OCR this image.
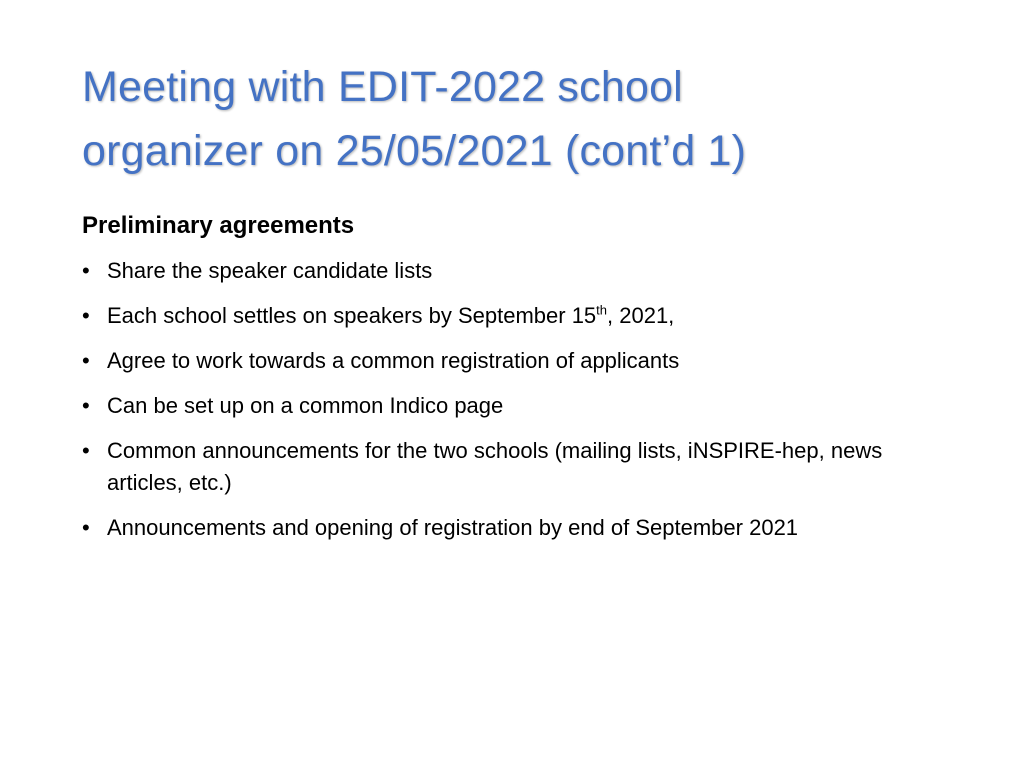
Meeting with EDIT-2022 school
organizer on 25/05/2021 (cont’d 1)
Preliminary agreements
• Share the speaker candidate lists
• Each school settles on speakers by September 15th, 2021,
• Agree to work towards a common registration of applicants
• Can be set up on a common Indico page
• Common announcements for the two schools (mailing lists, iNSPIRE-hep, news articles, etc.)
• Announcements and opening of registration by end of September 2021
